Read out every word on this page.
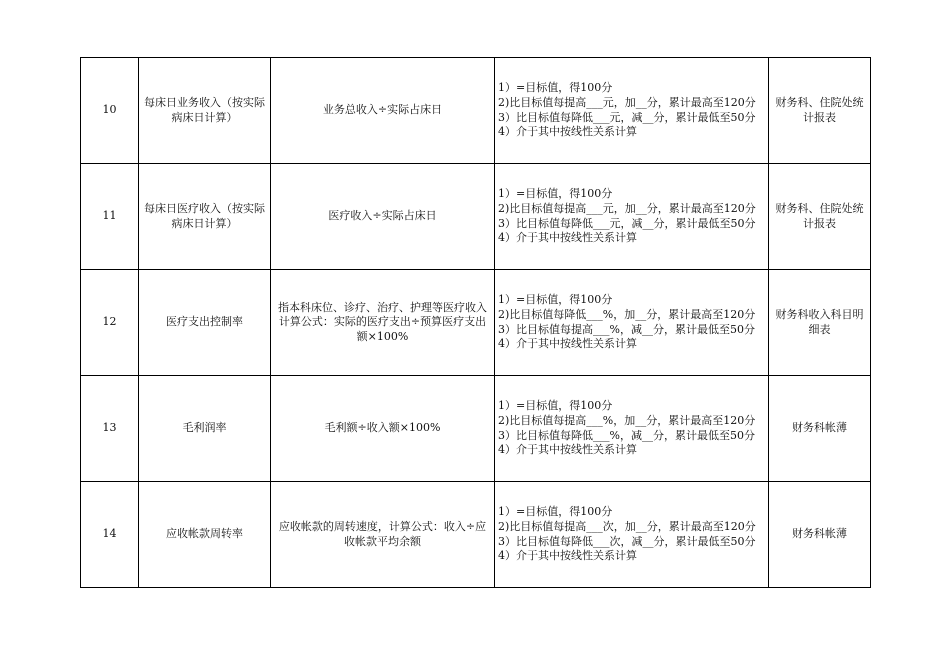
10	每床日业务收入（按实际病床日计算）	业务总收入÷实际占床日	1）=目标值，得100分
2)比目标值每提高___元，加__分，累计最高至120分
3）比目标值每降低___元，减__分，累计最低至50分
4）介于其中按线性关系计算	财务科、住院处统计报表
11	每床日医疗收入（按实际病床日计算）	医疗收入÷实际占床日	1）=目标值，得100分
2)比目标值每提高___元，加__分，累计最高至120分
3）比目标值每降低___元，减__分，累计最低至50分
4）介于其中按线性关系计算	财务科、住院处统计报表
12	医疗支出控制率	指本科床位、诊疗、治疗、护理等医疗收入
计算公式：实际的医疗支出÷预算医疗支出额×100%	1）=目标值，得100分
2)比目标值每降低___%，加__分，累计最高至120分
3）比目标值每提高___%，减__分，累计最低至50分
4）介于其中按线性关系计算	财务科收入科目明细表
13	毛利润率	毛利额÷收入额×100%	1）=目标值，得100分
2)比目标值每提高___%，加__分，累计最高至120分
3）比目标值每降低___%，减__分，累计最低至50分
4）介于其中按线性关系计算	财务科帐薄
14	应收帐款周转率	应收帐款的周转速度，计算公式：收入÷应收帐款平均余额	1）=目标值，得100分
2)比目标值每提高___次，加__分，累计最高至120分
3）比目标值每降低___次，减__分，累计最低至50分
4）介于其中按线性关系计算	财务科帐薄
